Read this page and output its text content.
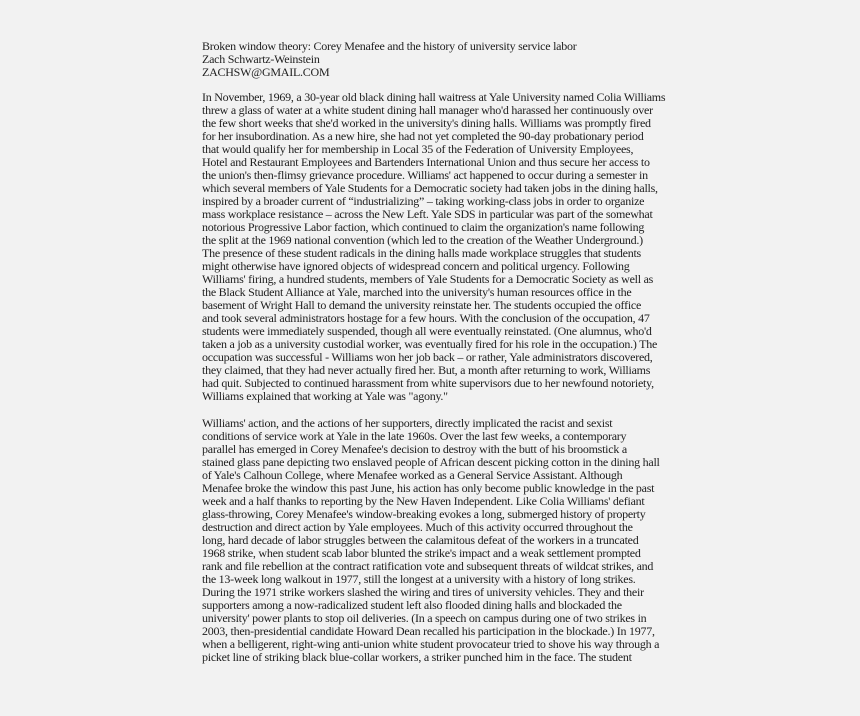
Broken window theory: Corey Menafee and the history of university service labor
Zach Schwartz-Weinstein
ZACHSW@GMAIL.COM
In November, 1969, a 30-year old black dining hall waitress at Yale University named Colia Williams
threw a glass of water at a white student dining hall manager who'd harassed her continuously over
the few short weeks that she'd worked in the university's dining halls. Williams was promptly fired
for her insubordination. As a new hire, she had not yet completed the 90-day probationary period
that would qualify her for membership in Local 35 of the Federation of University Employees,
Hotel and Restaurant Employees and Bartenders International Union and thus secure her access to
the union's then-flimsy grievance procedure. Williams' act happened to occur during a semester in
which several members of Yale Students for a Democratic society had taken jobs in the dining halls,
inspired by a broader current of “industrializing” – taking working-class jobs in order to organize
mass workplace resistance – across the New Left. Yale SDS in particular was part of the somewhat
notorious Progressive Labor faction, which continued to claim the organization's name following
the split at the 1969 national convention (which led to the creation of the Weather Underground.)
The presence of these student radicals in the dining halls made workplace struggles that students
might otherwise have ignored objects of widespread concern and political urgency. Following
Williams' firing, a hundred students, members of Yale Students for a Democratic Society as well as
the Black Student Alliance at Yale, marched into the university's human resources office in the
basement of Wright Hall to demand the university reinstate her. The students occupied the office
and took several administrators hostage for a few hours. With the conclusion of the occupation, 47
students were immediately suspended, though all were eventually reinstated. (One alumnus, who'd
taken a job as a university custodial worker, was eventually fired for his role in the occupation.) The
occupation was successful - Williams won her job back – or rather, Yale administrators discovered,
they claimed, that they had never actually fired her. But, a month after returning to work, Williams
had quit. Subjected to continued harassment from white supervisors due to her newfound notoriety,
Williams explained that working at Yale was "agony."
Williams' action, and the actions of her supporters, directly implicated the racist and sexist
conditions of service work at Yale in the late 1960s. Over the last few weeks, a contemporary
parallel has emerged in Corey Menafee's decision to destroy with the butt of his broomstick a
stained glass pane depicting two enslaved people of African descent picking cotton in the dining hall
of Yale's Calhoun College, where Menafee worked as a General Service Assistant. Although
Menafee broke the window this past June, his action has only become public knowledge in the past
week and a half thanks to reporting by the New Haven Independent. Like Colia Williams' defiant
glass-throwing, Corey Menafee's window-breaking evokes a long, submerged history of property
destruction and direct action by Yale employees. Much of this activity occurred throughout the
long, hard decade of labor struggles between the calamitous defeat of the workers in a truncated
1968 strike, when student scab labor blunted the strike's impact and a weak settlement prompted
rank and file rebellion at the contract ratification vote and subsequent threats of wildcat strikes, and
the 13-week long walkout in 1977, still the longest at a university with a history of long strikes.
During the 1971 strike workers slashed the wiring and tires of university vehicles. They and their
supporters among a now-radicalized student left also flooded dining halls and blockaded the
university' power plants to stop oil deliveries. (In a speech on campus during one of two strikes in
2003, then-presidential candidate Howard Dean recalled his participation in the blockade.) In 1977,
when a belligerent, right-wing anti-union white student provocateur tried to shove his way through a
picket line of striking black blue-collar workers, a striker punched him in the face. The student
